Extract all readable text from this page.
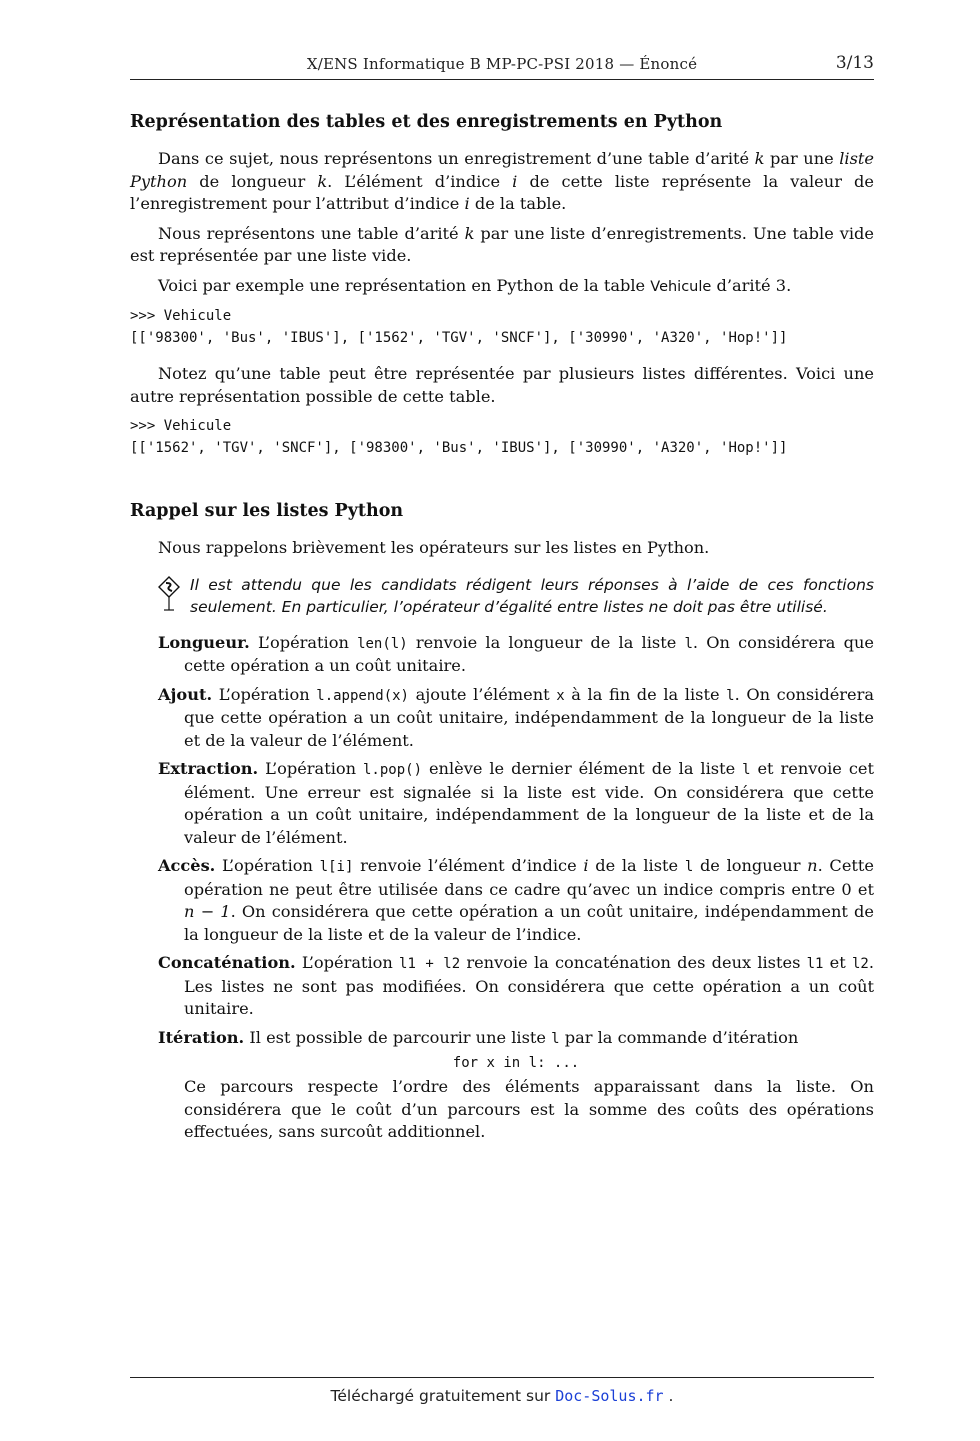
X/ENS Informatique B MP-PC-PSI 2018 — Énoncé	3/13
Représentation des tables et des enregistrements en Python

Dans ce sujet, nous représentons un enregistrement d’une table d’arité k par une liste Python de longueur k. L’élément d’indice i de cette liste représente la valeur de l’enregistrement pour l’attribut d’indice i de la table.

Nous représentons une table d’arité k par une liste d’enregistrements. Une table vide est représentée par une liste vide.

Voici par exemple une représentation en Python de la table Vehicule d’arité 3.

>>> Vehicule
[['98300', 'Bus', 'IBUS'], ['1562', 'TGV', 'SNCF'], ['30990', 'A320', 'Hop!']]

Notez qu’une table peut être représentée par plusieurs listes différentes. Voici une autre représentation possible de cette table.

>>> Vehicule
[['1562', 'TGV', 'SNCF'], ['98300', 'Bus', 'IBUS'], ['30990', 'A320', 'Hop!']]
Rappel sur les listes Python

Nous rappelons brièvement les opérateurs sur les listes en Python.

Il est attendu que les candidats rédigent leurs réponses à l’aide de ces fonctions seulement. En particulier, l’opérateur d’égalité entre listes ne doit pas être utilisé.
Longueur. L’opération len(l) renvoie la longueur de la liste l. On considérera que cette opération a un coût unitaire.
Ajout. L’opération l.append(x) ajoute l’élément x à la fin de la liste l. On considérera que cette opération a un coût unitaire, indépendamment de la longueur de la liste et de la valeur de l’élément.
Extraction. L’opération l.pop() enlève le dernier élément de la liste l et renvoie cet élément. Une erreur est signalée si la liste est vide. On considérera que cette opération a un coût unitaire, indépendamment de la longueur de la liste et de la valeur de l’élément.
Accès. L’opération l[i] renvoie l’élément d’indice i de la liste l de longueur n. Cette opération ne peut être utilisée dans ce cadre qu’avec un indice compris entre 0 et n − 1. On considérera que cette opération a un coût unitaire, indépendamment de la longueur de la liste et de la valeur de l’indice.
Concaténation. L’opération l1 + l2 renvoie la concaténation des deux listes l1 et l2. Les listes ne sont pas modifiées. On considérera que cette opération a un coût unitaire.
Itération. Il est possible de parcourir une liste l par la commande d’itération
for x in l: ...
Ce parcours respecte l’ordre des éléments apparaissant dans la liste. On considérera que le coût d’un parcours est la somme des coûts des opérations effectuées, sans surcoût additionnel.
Téléchargé gratuitement sur Doc-Solus.fr .
